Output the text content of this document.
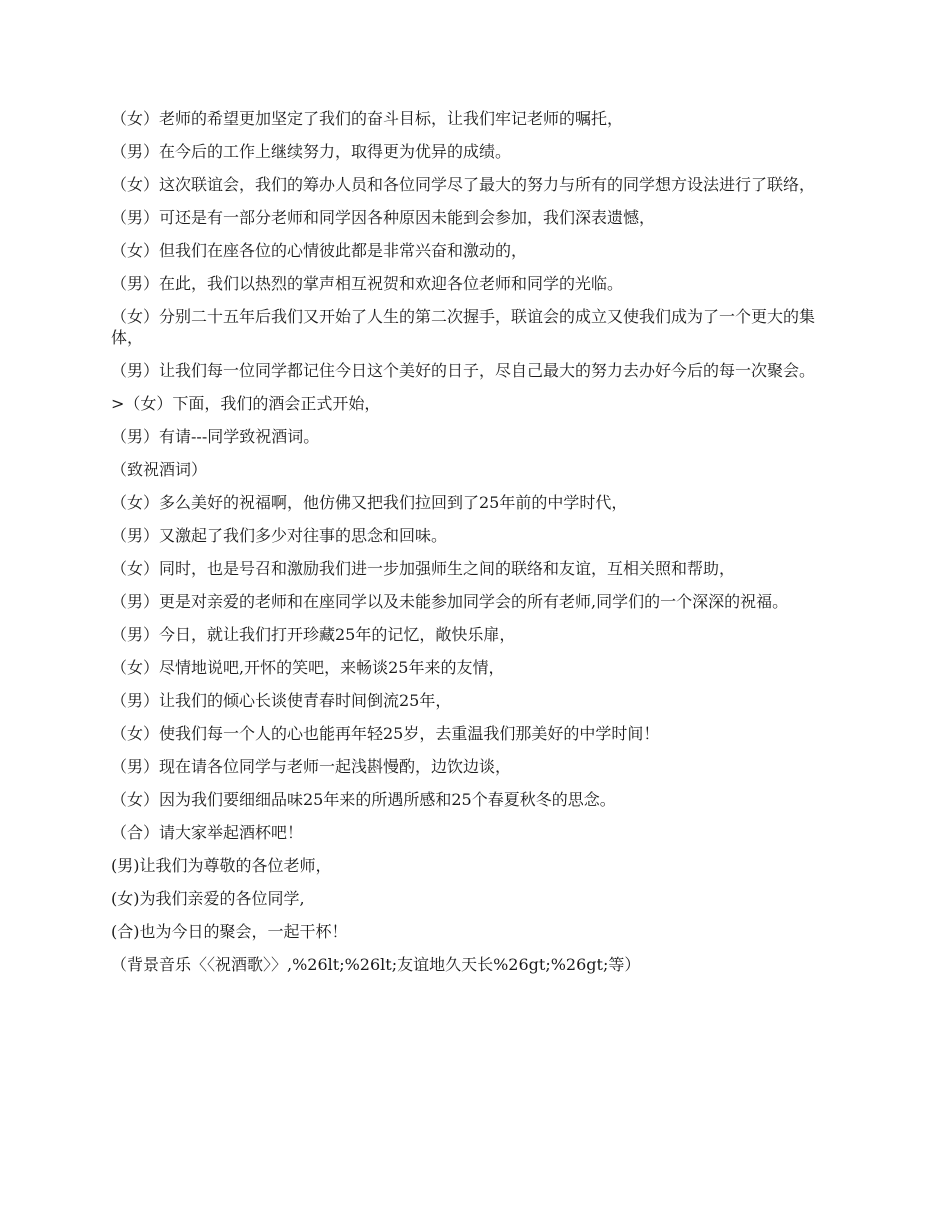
（女）老师的希望更加坚定了我们的奋斗目标，让我们牢记老师的嘱托，

（男）在今后的工作上继续努力，取得更为优异的成绩。

（女）这次联谊会，我们的筹办人员和各位同学尽了最大的努力与所有的同学想方设法进行了联络，

（男）可还是有一部分老师和同学因各种原因未能到会参加，我们深表遗憾，

（女）但我们在座各位的心情彼此都是非常兴奋和激动的，

（男）在此，我们以热烈的掌声相互祝贺和欢迎各位老师和同学的光临。

（女）分别二十五年后我们又开始了人生的第二次握手，联谊会的成立又使我们成为了一个更大的集体，

（男）让我们每一位同学都记住今日这个美好的日子，尽自己最大的努力去办好今后的每一次聚会。

>（女）下面，我们的酒会正式开始，

（男）有请---同学致祝酒词。

（致祝酒词）

（女）多么美好的祝福啊，他仿佛又把我们拉回到了25年前的中学时代，

（男）又激起了我们多少对往事的思念和回味。

（女）同时，也是号召和激励我们进一步加强师生之间的联络和友谊，互相关照和帮助，

（男）更是对亲爱的老师和在座同学以及未能参加同学会的所有老师,同学们的一个深深的祝福。

（男）今日，就让我们打开珍藏25年的记忆，敞快乐扉，

（女）尽情地说吧,开怀的笑吧，来畅谈25年来的友情，

（男）让我们的倾心长谈使青春时间倒流25年，

（女）使我们每一个人的心也能再年轻25岁，去重温我们那美好的中学时间！

（男）现在请各位同学与老师一起浅斟慢酌，边饮边谈，

（女）因为我们要细细品味25年来的所遇所感和25个春夏秋冬的思念。

（合）请大家举起酒杯吧！

(男)让我们为尊敬的各位老师，

(女)为我们亲爱的各位同学,

(合)也为今日的聚会，一起干杯！

（背景音乐〈〈祝酒歌〉〉,%26lt;%26lt;友谊地久天长%26gt;%26gt;等）
